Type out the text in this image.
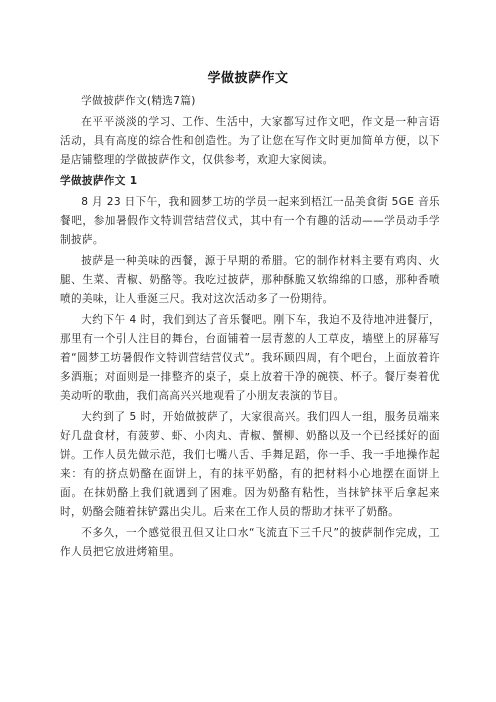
学做披萨作文

学做披萨作文(精选7篇)

在平平淡淡的学习、工作、生活中，大家都写过作文吧，作文是一种言语活动，具有高度的综合性和创造性。为了让您在写作文时更加简单方便，以下是店铺整理的学做披萨作文，仅供参考，欢迎大家阅读。

学做披萨作文 1

8 月 23 日下午，我和圆梦工坊的学员一起来到梧江一品美食街 5GE 音乐餐吧，参加暑假作文特训营结营仪式，其中有一个有趣的活动——学员动手学制披萨。

披萨是一种美味的西餐，源于早期的希腊。它的制作材料主要有鸡肉、火腿、生菜、青椒、奶酪等。我吃过披萨，那种酥脆又软绵绵的口感，那种香喷喷的美味，让人垂涎三尺。我对这次活动多了一份期待。

大约下午 4 时，我们到达了音乐餐吧。刚下车，我迫不及待地冲进餐厅，那里有一个引人注目的舞台，台面铺着一层青葱的人工草皮，墙壁上的屏幕写着“圆梦工坊暑假作文特训营结营仪式”。我环顾四周，有个吧台，上面放着许多酒瓶；对面则是一排整齐的桌子，桌上放着干净的碗筷、杯子。餐厅奏着优美动听的歌曲，我们高高兴兴地观看了小朋友表演的节目。

大约到了 5 时，开始做披萨了，大家很高兴。我们四人一组，服务员端来好几盘食材，有菠萝、虾、小肉丸、青椒、蟹柳、奶酪以及一个已经揉好的面饼。工作人员先做示范，我们七嘴八舌、手舞足蹈，你一手、我一手地操作起来：有的挤点奶酪在面饼上，有的抹平奶酪，有的把材料小心地摆在面饼上面。在抹奶酪上我们就遇到了困难。因为奶酪有粘性，当抹铲抹平后拿起来时，奶酪会随着抹铲露出尖儿。后来在工作人员的帮助才抹平了奶酪。

不多久，一个感觉很丑但又让口水“飞流直下三千尺”的披萨制作完成，工作人员把它放进烤箱里。
